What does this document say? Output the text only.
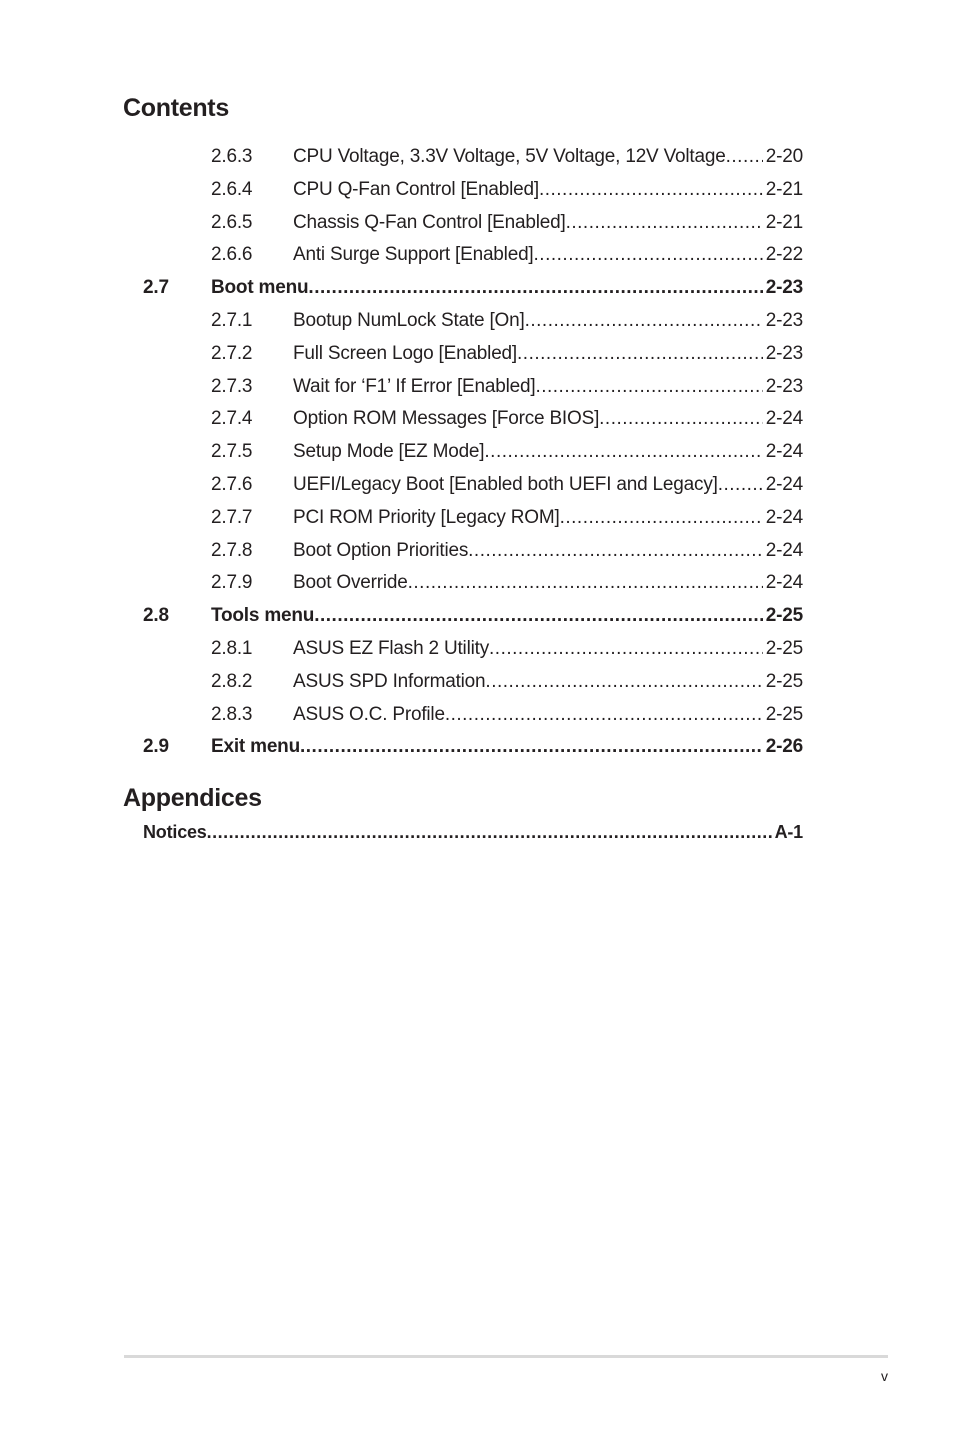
Contents
2.6.3 CPU Voltage, 3.3V Voltage, 5V Voltage, 12V Voltage ..... 2-20
2.6.4 CPU Q-Fan Control [Enabled] .....	2-21
2.6.5 Chassis Q-Fan Control [Enabled] .....	2-21
2.6.6 Anti Surge Support [Enabled] .....	2-22
2.7 Boot menu .....	2-23
2.7.1 Bootup NumLock State [On] .....	2-23
2.7.2 Full Screen Logo [Enabled] .....	2-23
2.7.3 Wait for ‘F1’ If Error [Enabled] .....	2-23
2.7.4 Option ROM Messages [Force BIOS] .....	2-24
2.7.5 Setup Mode [EZ Mode] .....	2-24
2.7.6 UEFI/Legacy Boot [Enabled both UEFI and Legacy] .....	2-24
2.7.7 PCI ROM Priority [Legacy ROM] .....	2-24
2.7.8 Boot Option Priorities .....	2-24
2.7.9 Boot Override .....	2-24
2.8 Tools menu .....	2-25
2.8.1 ASUS EZ Flash 2 Utility .....	2-25
2.8.2 ASUS SPD Information .....	2-25
2.8.3 ASUS O.C. Profile .....	2-25
2.9 Exit menu .....	2-26
Appendices
Notices .....	A-1
v
